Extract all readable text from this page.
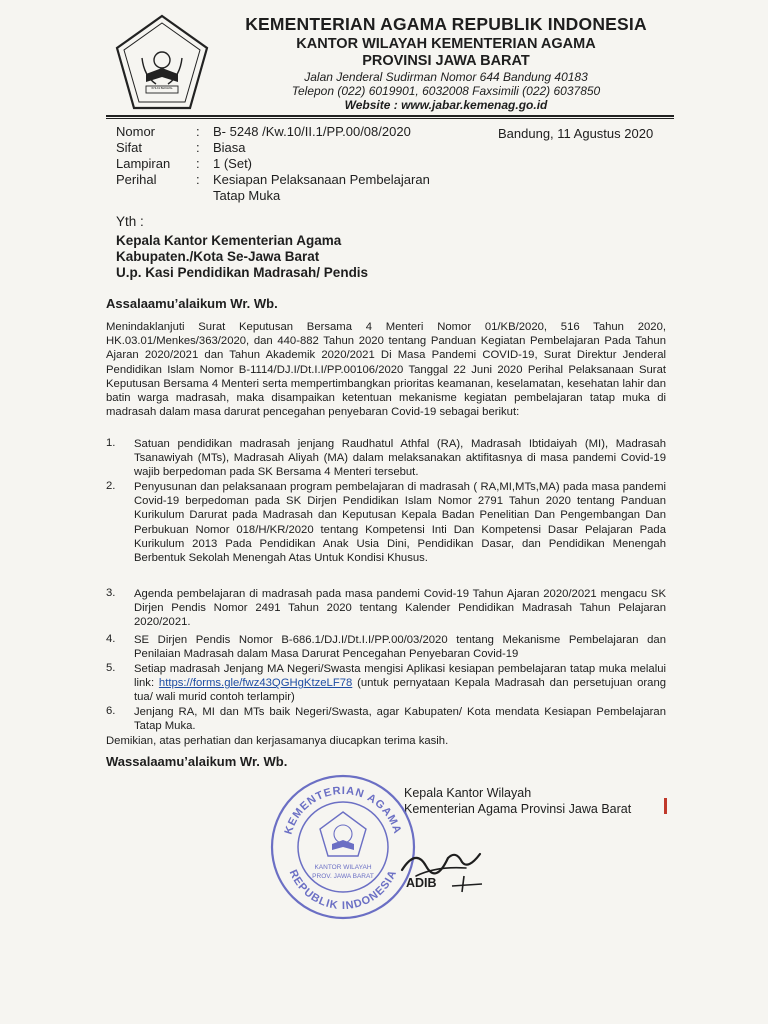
IKHLAS BERAMAL
KEMENTERIAN AGAMA REPUBLIK INDONESIA
KANTOR WILAYAH KEMENTERIAN AGAMA
PROVINSI JAWA BARAT
Jalan Jenderal Sudirman Nomor 644 Bandung 40183
Telepon (022) 6019901, 6032008 Faxsimili (022) 6037850
Website : www.jabar.kemenag.go.id
Nomor	:	B- 5248 /Kw.10/II.1/PP.00/08/2020	Bandung, 11 Agustus 2020
Sifat	:	Biasa
Lampiran	:	1 (Set)
Perihal	:	Kesiapan Pelaksanaan Pembelajaran
Tatap Muka
Yth :
Kepala Kantor Kementerian Agama
Kabupaten./Kota Se-Jawa Barat
U.p. Kasi Pendidikan Madrasah/ Pendis
Assalaamu’alaikum Wr. Wb.
Menindaklanjuti Surat Keputusan Bersama 4 Menteri Nomor 01/KB/2020, 516 Tahun 2020, HK.03.01/Menkes/363/2020, dan 440-882 Tahun 2020 tentang Panduan Kegiatan Pembelajaran Pada Tahun Ajaran 2020/2021 dan Tahun Akademik 2020/2021 Di Masa Pandemi COVID-19, Surat Direktur Jenderal Pendidikan Islam Nomor B-1114/DJ.I/Dt.I.I/PP.00106/2020 Tanggal 22 Juni 2020 Perihal Pelaksanaan Surat Keputusan Bersama 4 Menteri serta mempertimbangkan prioritas keamanan, keselamatan, kesehatan lahir dan batin warga madrasah, maka disampaikan ketentuan mekanisme kegiatan pembelajaran tatap muka di madrasah dalam masa darurat pencegahan penyebaran Covid-19 sebagai berikut:
1.	Satuan pendidikan madrasah jenjang Raudhatul Athfal (RA), Madrasah Ibtidaiyah (MI), Madrasah Tsanawiyah (MTs), Madrasah Aliyah (MA) dalam melaksanakan aktifitasnya di masa pandemi Covid-19 wajib berpedoman pada SK Bersama 4 Menteri tersebut.
2.	Penyusunan dan pelaksanaan program pembelajaran di madrasah ( RA,MI,MTs,MA) pada masa pandemi Covid-19 berpedoman pada SK Dirjen Pendidikan Islam Nomor 2791 Tahun 2020 tentang Panduan Kurikulum Darurat pada Madrasah dan Keputusan Kepala Badan Penelitian Dan Pengembangan Dan Perbukuan Nomor 018/H/KR/2020 tentang Kompetensi Inti Dan Kompetensi Dasar Pelajaran Pada Kurikulum 2013 Pada Pendidikan Anak Usia Dini, Pendidikan Dasar, dan Pendidikan Menengah Berbentuk Sekolah Menengah Atas Untuk Kondisi Khusus.
3.	Agenda pembelajaran di madrasah pada masa pandemi Covid-19 Tahun Ajaran 2020/2021 mengacu SK Dirjen Pendis Nomor 2491 Tahun 2020 tentang Kalender Pendidikan Madrasah Tahun Pelajaran 2020/2021.
4.	SE Dirjen Pendis Nomor B-686.1/DJ.I/Dt.I.I/PP.00/03/2020 tentang Mekanisme Pembelajaran dan Penilaian Madrasah dalam Masa Darurat Pencegahan Penyebaran Covid-19
5.	Setiap madrasah Jenjang MA Negeri/Swasta mengisi Aplikasi kesiapan pembelajaran tatap muka melalui link: https://forms.gle/fwz43QGHgKtzeLF78 (untuk pernyataan Kepala Madrasah dan persetujuan orang tua/ wali murid contoh terlampir)
6.	Jenjang RA, MI dan MTs baik Negeri/Swasta, agar Kabupaten/ Kota mendata Kesiapan Pembelajaran Tatap Muka.
Demikian, atas perhatian dan kerjasamanya diucapkan terima kasih.
Wassalaamu’alaikum Wr. Wb.
Kepala Kantor Wilayah
Kementerian Agama Provinsi Jawa Barat
KEMENTERIAN AGAMA
REPUBLIK INDONESIA
KANTOR WILAYAH
PROV. JAWA BARAT	ADIB
